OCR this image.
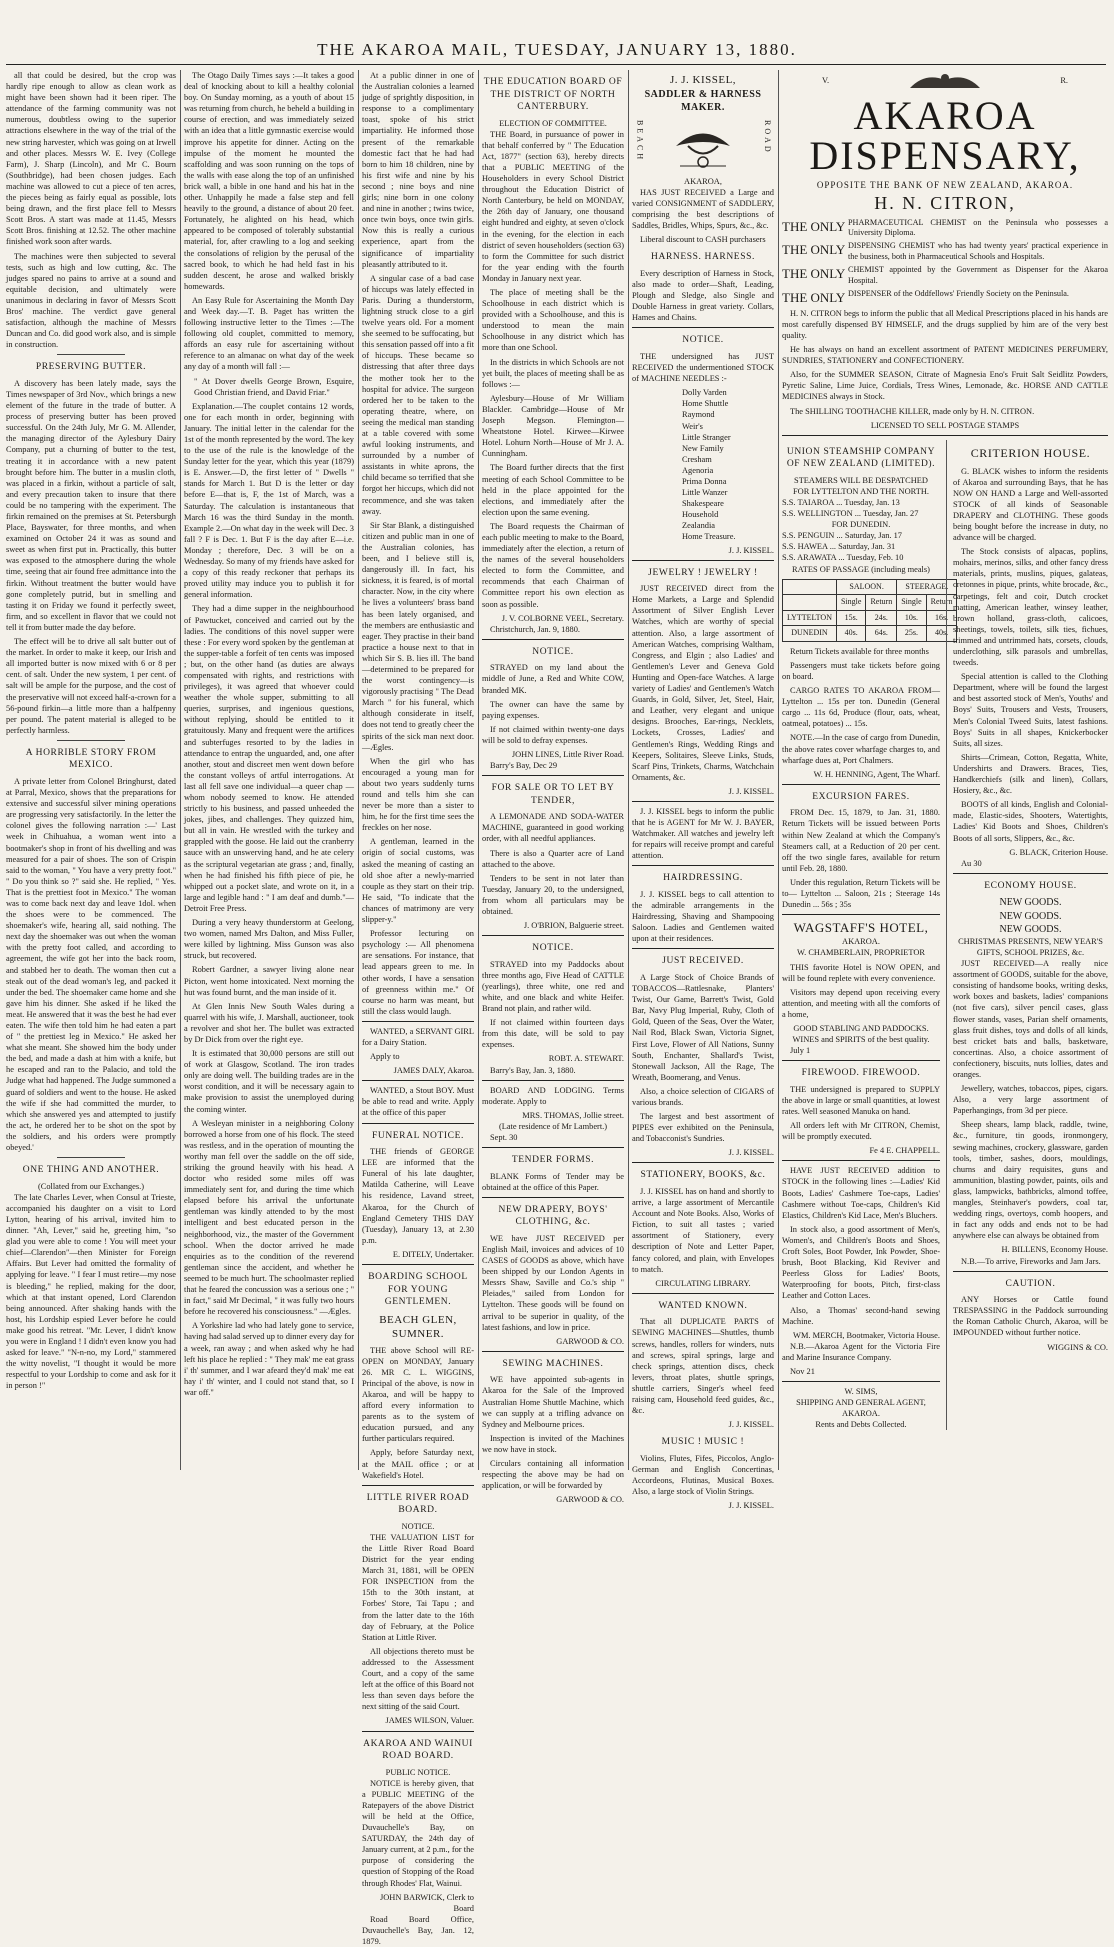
THE AKAROA MAIL, TUESDAY, JANUARY 13, 1880.

all that could be desired, but the crop was hardly ripe enough to allow as clean work as might have been shown had it been riper. The attendance of the farming community was not numerous, doubtless owing to the superior attractions elsewhere in the way of the trial of the new string harvester, which was going on at Irwell and other places. Messrs W. E. Ivey (College Farm), J. Sharp (Lincoln), and Mr C. Bourn (Southbridge), had been chosen judges. Each machine was allowed to cut a piece of ten acres, the pieces being as fairly equal as possible, lots being drawn, and the first place fell to Messrs Scott Bros. A start was made at 11.45, Messrs Scott Bros. finishing at 12.52. The other machine finished work soon after wards.

The machines were then subjected to several tests, such as high and low cutting, &c. The judges spared no pains to arrive at a sound and equitable decision, and ultimately were unanimous in declaring in favor of Messrs Scott Bros' machine. The verdict gave general satisfaction, although the machine of Messrs Duncan and Co. did good work also, and is simple in construction.

PRESERVING BUTTER.

A discovery has been lately made, says the Times newspaper of 3rd Nov., which brings a new element of the future in the trade of butter. A process of preserving butter has been proved successful. On the 24th July, Mr G. M. Allender, the managing director of the Aylesbury Dairy Company, put a churning of butter to the test, treating it in accordance with a new patent brought before him. The butter in a muslin cloth, was placed in a firkin, without a particle of salt, and every precaution taken to insure that there could be no tampering with the experiment. The firkin remained on the premises at St. Petersburgh Place, Bayswater, for three months, and when examined on October 24 it was as sound and sweet as when first put in. Practically, this butter was exposed to the atmosphere during the whole time, seeing that air found free admittance into the firkin. Without treatment the butter would have gone completely putrid, but in smelling and tasting it on Friday we found it perfectly sweet, firm, and so excellent in flavor that we could not tell it from butter made the day before.

The effect will be to drive all salt butter out of the market. In order to make it keep, our Irish and all imported butter is now mixed with 6 or 8 per cent. of salt. Under the new system, 1 per cent. of salt will be ample for the purpose, and the cost of the preservative will not exceed half-a-crown for a 56-pound firkin—a little more than a halfpenny per pound. The patent material is alleged to be perfectly harmless.

A HORRIBLE STORY FROM MEXICO.

A private letter from Colonel Bringhurst, dated at Parral, Mexico, shows that the preparations for extensive and successful silver mining operations are progressing very satisfactorily. In the letter the colonel gives the following narration :—' Last week in Chihuahua, a woman went into a bootmaker's shop in front of his dwelling and was measured for a pair of shoes. The son of Crispin said to the woman, " You have a very pretty foot." " Do you think so ?" said she. He replied, " Yes. That is the prettiest foot in Mexico." The woman was to come back next day and leave 1dol. when the shoes were to be commenced. The shoemaker's wife, hearing all, said nothing. The next day the shoemaker was out when the woman with the pretty foot called, and according to agreement, the wife got her into the back room, and stabbed her to death. The woman then cut a steak out of the dead woman's leg, and packed it under the bed. The shoemaker came home and she gave him his dinner. She asked if he liked the meat. He answered that it was the best he had ever eaten. The wife then told him he had eaten a part of " the prettiest leg in Mexico." He asked her what she meant. She showed him the body under the bed, and made a dash at him with a knife, but he escaped and ran to the Palacio, and told the Judge what had happened. The Judge summoned a guard of soldiers and went to the house. He asked the wife if she had committed the murder, to which she answered yes and attempted to justify the act, he ordered her to be shot on the spot by the soldiers, and his orders were promptly obeyed.'

ONE THING AND ANOTHER.
(Collated from our Exchanges.)

The late Charles Lever, when Consul at Trieste, accompanied his daughter on a visit to Lord Lytton, hearing of his arrival, invited him to dinner. "Ah, Lever," said he, greeting him, "so glad you were able to come ! You will meet your chief—Clarendon"—then Minister for Foreign Affairs. But Lever had omitted the formality of applying for leave. " I fear I must retire—my nose is bleeding," he replied, making for the door, which at that instant opened, Lord Clarendon being announced. After shaking hands with the host, his Lordship espied Lever before he could make good his retreat. "Mr. Lever, I didn't know you were in England ! I didn't even know you had asked for leave." "N-n-no, my Lord," stammered the witty novelist, "I thought it would be more respectful to your Lordship to come and ask for it in person !"

The Otago Daily Times says :—It takes a good deal of knocking about to kill a healthy colonial boy. On Sunday morning, as a youth of about 15 was returning from church, he beheld a building in course of erection, and was immediately seized with an idea that a little gymnastic exercise would improve his appetite for dinner. Acting on the impulse of the moment he mounted the scaffolding and was soon running on the tops of the walls with ease along the top of an unfinished brick wall, a bible in one hand and his hat in the other. Unhappily he made a false step and fell heavily to the ground, a distance of about 20 feet. Fortunately, he alighted on his head, which appeared to be composed of tolerably substantial material, for, after crawling to a log and seeking the consolations of religion by the perusal of the sacred book, to which he had held fast in his sudden descent, he arose and walked briskly homewards.

An Easy Rule for Ascertaining the Month Day and Week day.—T. B. Paget has written the following instructive letter to the Times :—The following old couplet, committed to memory, affords an easy rule for ascertaining without reference to an almanac on what day of the week any day of a month will fall :—

" At Dover dwells George Brown, Esquire, Good Christian friend, and David Friar."

Explanation.—The couplet contains 12 words, one for each month in order, beginning with January. The initial letter in the calendar for the 1st of the month represented by the word. The key to the use of the rule is the knowledge of the Sunday letter for the year, which this year (1879) is E. Answer.—D, the first letter of " Dwells " stands for March 1. But D is the letter or day before E—that is, F, the 1st of March, was a Saturday. The calculation is instantaneous that March 16 was the third Sunday in the month. Example 2.—On what day in the week will Dec. 3 fall ? F is Dec. 1. But F is the day after E—i.e. Monday ; therefore, Dec. 3 will be on a Wednesday. So many of my friends have asked for a copy of this ready reckoner that perhaps its proved utility may induce you to publish it for general information.

They had a dime supper in the neighbourhood of Pawtucket, conceived and carried out by the ladies. The conditions of this novel supper were these : For every word spoken by the gentleman at the supper-table a forfeit of ten cents was imposed ; but, on the other hand (as duties are always compensated with rights, and restrictions with privileges), it was agreed that whoever could weather the whole supper, submitting to all queries, surprises, and ingenious questions, without replying, should be entitled to it gratuitously. Many and frequent were the artifices and subterfuges resorted to by the ladies in attendance to entrap the unguarded, and, one after another, stout and discreet men went down before the constant volleys of artful interrogations. At last all fell save one individual—a queer chap —whom nobody seemed to know. He attended strictly to his business, and passed unheeded the jokes, jibes, and challenges. They quizzed him, but all in vain. He wrestled with the turkey and grappled with the goose. He laid out the cranberry sauce with an unswerving hand, and he ate celery as the scriptural vegetarian ate grass ; and, finally, when he had finished his fifth piece of pie, he whipped out a pocket slate, and wrote on it, in a large and legible hand : " I am deaf and dumb."— Detroit Free Press.

During a very heavy thunderstorm at Geelong, two women, named Mrs Dalton, and Miss Fuller, were killed by lightning. Miss Gunson was also struck, but recovered.

Robert Gardner, a sawyer living alone near Picton, went home intoxicated. Next morning the hut was found burnt, and the man inside of it.

At Glen Innis New South Wales during a quarrel with his wife, J. Marshall, auctioneer, took a revolver and shot her. The bullet was extracted by Dr Dick from over the right eye.

It is estimated that 30,000 persons are still out of work at Glasgow, Scotland. The iron trades only are doing well. The building trades are in the worst condition, and it will be necessary again to make provision to assist the unemployed during the coming winter.

A Wesleyan minister in a neighboring Colony borrowed a horse from one of his flock. The steed was restless, and in the operation of mounting the worthy man fell over the saddle on the off side, striking the ground heavily with his head. A doctor who resided some miles off was immediately sent for, and during the time which elapsed before his arrival the unfortunate gentleman was kindly attended to by the most intelligent and best educated person in the neighborhood, viz., the master of the Government school. When the doctor arrived he made enquiries as to the condition of the reverend gentleman since the accident, and whether he seemed to be much hurt. The schoolmaster replied that he feared the concussion was a serious one ; " in fact," said Mr Decimal, " it was fully two hours before he recovered his consciousness." —Ægles.

A Yorkshire lad who had lately gone to service, having had salad served up to dinner every day for a week, ran away ; and when asked why he had left his place he replied : " They mak' me eat grass i' th' summer, and I war afeard they'd mak' me eat hay i' th' winter, and I could not stand that, so I war off."

At a public dinner in one of the Australian colonies a learned judge of sprightly disposition, in response to a complimentary toast, spoke of his strict impartiality. He informed those present of the remarkable domestic fact that he had had born to him 18 children, nine by his first wife and nine by his second ; nine boys and nine girls; nine born in one colony and nine in another ; twins twice, once twin boys, once twin girls. Now this is really a curious experience, apart from the significance of impartiality pleasantly attributed to it.

A singular case of a bad case of hiccups was lately effected in Paris. During a thunderstorm, lightning struck close to a girl twelve years old. For a moment she seemed to be suffocating, but this sensation passed off into a fit of hiccups. These became so distressing that after three days the mother took her to the hospital for advice. The surgeon ordered her to be taken to the operating theatre, where, on seeing the medical man standing at a table covered with some awful looking instruments, and surrounded by a number of assistants in white aprons, the child became so terrified that she forgot her hiccups, which did not recommence, and she was taken away.

Sir Star Blank, a distinguished citizen and public man in one of the Australian colonies, has been, and I believe still is, dangerously ill. In fact, his sickness, it is feared, is of mortal character. Now, in the city where he lives a volunteers' brass band has been lately organised, and the members are enthusiastic and eager. They practise in their band practice a house next to that in which Sir S. B. lies ill. The band—determined to be prepared for the worst contingency—is vigorously practising " The Dead March " for his funeral, which although considerate in itself, does not tend to greatly cheer the spirits of the sick man next door.—Ægles.

When the girl who has encouraged a young man for about two years suddenly turns round and tells him she can never be more than a sister to him, he for the first time sees the freckles on her nose.

A gentleman, learned in the origin of social customs, was asked the meaning of casting an old shoe after a newly-married couple as they start on their trip. He said, "To indicate that the chances of matrimony are very slipper-y."

Professor lecturing on psychology :— All phenomena are sensations. For instance, that lead appears green to me. In other words, I have a sensation of greenness within me." Of course no harm was meant, but still the class would laugh.

WANTED, a SERVANT GIRL for a Dairy Station.

Apply to

JAMES DALY, Akaroa.

WANTED, a Stout BOY. Must be able to read and write. Apply at the office of this paper

FUNERAL NOTICE.

THE friends of GEORGE LEE are informed that the Funeral of his late daughter, Matilda Catherine, will Leave his residence, Lavand street, Akaroa, for the Church of England Cemetery THIS DAY (Tuesday), January 13, at 2.30 p.m.

E. DITELY, Undertaker.
BOARDING SCHOOL FOR YOUNG GENTLEMEN.
BEACH GLEN, SUMNER.

THE above School will RE-OPEN on MONDAY, January 26. MR C. L. WIGGINS, Principal of the above, is now in Akaroa, and will be happy to afford every information to parents as to the system of education pursued, and any further particulars required.

Apply, before Saturday next, at the MAIL office ; or at Wakefield's Hotel.

LITTLE RIVER ROAD BOARD.
NOTICE.

THE VALUATION LIST for the Little River Road Board District for the year ending March 31, 1881, will be OPEN FOR INSPECTION from the 15th to the 30th instant, at Forbes' Store, Tai Tapu ; and from the latter date to the 16th day of February, at the Police Station at Little River.

All objections thereto must be addressed to the Assessment Court, and a copy of the same left at the office of this Board not less than seven days before the next sitting of the said Court.

JAMES WILSON, Valuer.
AKAROA AND WAINUI ROAD BOARD.
PUBLIC NOTICE.

NOTICE is hereby given, that a PUBLIC MEETING of the Ratepayers of the above District will be held at the Office, Duvauchelle's Bay, on SATURDAY, the 24th day of January current, at 2 p.m., for the purpose of considering the question of Stopping of the Road through Rhodes' Flat, Wainui.

JOHN BARWICK, Clerk to Board

Road Board Office, Duvauchelle's Bay, Jan. 12, 1879.

THE EDUCATION BOARD OF THE DISTRICT OF NORTH CANTERBURY.
ELECTION OF COMMITTEE.

THE Board, in pursuance of power in that behalf conferred by " The Education Act, 1877" (section 63), hereby directs that a PUBLIC MEETING of the Householders in every School District throughout the Education District of North Canterbury, be held on MONDAY, the 26th day of January, one thousand eight hundred and eighty, at seven o'clock in the evening, for the election in each district of seven householders (section 63) to form the Committee for such district for the year ending with the fourth Monday in January next year.

The place of meeting shall be the Schoolhouse in each district which is provided with a Schoolhouse, and this is understood to mean the main Schoolhouse in any district which has more than one School.

In the districts in which Schools are not yet built, the places of meeting shall be as follows :—

Aylesbury—House of Mr William Blackler. Cambridge—House of Mr Joseph Megson. Flemington—Wheatstone Hotel. Kirwee—Kirwee Hotel. Lohurn North—House of Mr J. A. Cunningham.

The Board further directs that the first meeting of each School Committee to be held in the place appointed for the elections, and immediately after the election upon the same evening.

The Board requests the Chairman of each public meeting to make to the Board, immediately after the election, a return of the names of the several householders elected to form the Committee, and recommends that each Chairman of Committee report his own election as soon as possible.

J. V. COLBORNE VEEL, Secretary.

Christchurch, Jan. 9, 1880.

NOTICE.

STRAYED on my land about the middle of June, a Red and White COW, branded MK.

The owner can have the same by paying expenses.

If not claimed within twenty-one days will be sold to defray expenses.

JOHN LINES, Little River Road.

Barry's Bay, Dec 29

FOR SALE OR TO LET BY TENDER,

A LEMONADE AND SODA-WATER MACHINE, guaranteed in good working order, with all needful appliances.

There is also a Quarter acre of Land attached to the above.

Tenders to be sent in not later than Tuesday, January 20, to the undersigned, from whom all particulars may be obtained.

J. O'BRION, Balguerie street.
NOTICE.

STRAYED into my Paddocks about three months ago, Five Head of CATTLE (yearlings), three white, one red and white, and one black and white Heifer. Brand not plain, and rather wild.

If not claimed within fourteen days from this date, will be sold to pay expenses.

ROBT. A. STEWART.

Barry's Bay, Jan. 3, 1880.

BOARD AND LODGING. Terms moderate. Apply to

MRS. THOMAS, Jollie street.
(Late residence of Mr Lambert.)

Sept. 30

TENDER FORMS.

BLANK Forms of Tender may be obtained at the office of this Paper.

NEW DRAPERY, BOYS' CLOTHING, &c.

WE have JUST RECEIVED per English Mail, invoices and advices of 10 CASES of GOODS as above, which have been shipped by our London Agents in Messrs Shaw, Saville and Co.'s ship " Pleiades," sailed from London for Lyttelton. These goods will be found on arrival to be superior in quality, of the latest fashions, and low in price.

GARWOOD & CO.
SEWING MACHINES.

WE have appointed sub-agents in Akaroa for the Sale of the Improved Australian Home Shuttle Machine, which we can supply at a trifling advance on Sydney and Melbourne prices.

Inspection is invited of the Machines we now have in stock.

Circulars containing all information respecting the above may be had on application, or will be forwarded by

GARWOOD & CO.
J. J. KISSEL,
SADDLER & HARNESS MAKER.
BEACH	ROAD
AKAROA,

HAS JUST RECEIVED a Large and varied CONSIGNMENT of SADDLERY, comprising the best descriptions of Saddles, Bridles, Whips, Spurs, &c., &c.

Liberal discount to CASH purchasers

HARNESS. HARNESS.

Every description of Harness in Stock, also made to order—Shaft, Leading, Plough and Sledge, also Single and Double Harness in great variety. Collars, Hames and Chains.

NOTICE.

THE undersigned has JUST RECEIVED the undermentioned STOCK of MACHINE NEEDLES :-

Dolly Varden
Home Shuttle
Raymond
Weir's
Little Stranger
New Family
Cresham
Agenoria
Prima Donna
Little Wanzer
Shakespeare
Household
Zealandia
Home Treasure.
J. J. KISSEL.
JEWELRY ! JEWELRY !

JUST RECEIVED direct from the Home Markets, a Large and Splendid Assortment of Silver English Lever Watches, which are worthy of special attention. Also, a large assortment of American Watches, comprising Waltham, Congress, and Elgin ; also Ladies' and Gentlemen's Lever and Geneva Gold Hunting and Open-face Watches. A large variety of Ladies' and Gentlemen's Watch Guards, in Gold, Silver, Jet, Steel, Hair, and Leather, very elegant and unique designs. Brooches, Ear-rings, Necklets, Lockets, Crosses, Ladies' and Gentlemen's Rings, Wedding Rings and Keepers, Solitaires, Sleeve Links, Studs, Scarf Pins, Trinkets, Charms, Watchchain Ornaments, &c.

J. J. KISSEL.

J. J. KISSEL begs to inform the public that he is AGENT for Mr W. J. BAYER, Watchmaker. All watches and jewelry left for repairs will receive prompt and careful attention.

HAIRDRESSING.

J. J. KISSEL begs to call attention to the admirable arrangements in the Hairdressing, Shaving and Shampooing Saloon. Ladies and Gentlemen waited upon at their residences.

JUST RECEIVED.

A Large Stock of Choice Brands of TOBACCOS—Rattlesnake, Planters' Twist, Our Game, Barrett's Twist, Gold Bar, Navy Plug Imperial, Ruby, Cloth of Gold, Queen of the Seas, Over the Water, Nail Rod, Black Swan, Victoria Signet, First Love, Flower of All Nations, Sunny South, Enchanter, Shallard's Twist, Stonewall Jackson, All the Rage, The Wreath, Boomerang, and Venus.

Also, a choice selection of CIGARS of various brands.

The largest and best assortment of PIPES ever exhibited on the Peninsula, and Tobacconist's Sundries.

J. J. KISSEL.
STATIONERY, BOOKS, &c.

J. J. KISSEL has on hand and shortly to arrive, a large assortment of Mercantile Account and Note Books. Also, Works of Fiction, to suit all tastes ; varied assortment of Stationery, every description of Note and Letter Paper, fancy colored, and plain, with Envelopes to match.

CIRCULATING LIBRARY.
WANTED KNOWN.

That all DUPLICATE PARTS of SEWING MACHINES—Shuttles, thumb screws, handles, rollers for winders, nuts and screws, spiral springs, large and check springs, attention discs, check levers, throat plates, shuttle springs, shuttle carriers, Singer's wheel feed raising cam, Household feed guides, &c., &c.

J. J. KISSEL.
MUSIC ! MUSIC !

Violins, Flutes, Fifes, Piccolos, Anglo-German and English Concertinas, Accordeons, Flutinas, Musical Boxes. Also, a large stock of Violin Strings.

J. J. KISSEL.
V.	R.
AKAROA DISPENSARY,
OPPOSITE THE BANK OF NEW ZEALAND, AKAROA.
H. N. CITRON,
THE ONLY PHARMACEUTICAL CHEMIST on the Peninsula who possesses a University Diploma.
THE ONLY DISPENSING CHEMIST who has had twenty years' practical experience in the business, both in Pharmaceutical Schools and Hospitals.
THE ONLY CHEMIST appointed by the Government as Dispenser for the Akaroa Hospital.
THE ONLY DISPENSER of the Oddfellows' Friendly Society on the Peninsula.

H. N. CITRON begs to inform the public that all Medical Prescriptions placed in his hands are most carefully dispensed BY HIMSELF, and the drugs supplied by him are of the very best quality.

He has always on hand an excellent assortment of PATENT MEDICINES PERFUMERY, SUNDRIES, STATIONERY and CONFECTIONERY.

Also, for the SUMMER SEASON, Citrate of Magnesia Eno's Fruit Salt Seidlitz Powders, Pyretic Saline, Lime Juice, Cordials, Tress Wines, Lemonade, &c. HORSE AND CATTLE MEDICINES always in Stock.

The SHILLING TOOTHACHE KILLER, made only by H. N. CITRON.

LICENSED TO SELL POSTAGE STAMPS
UNION STEAMSHIP COMPANY OF NEW ZEALAND (LIMITED).
STEAMERS WILL BE DESPATCHED
FOR LYTTELTON AND THE NORTH.
S.S. TAIAROA ... Tuesday, Jan. 13
S.S. WELLINGTON ... Tuesday, Jan. 27
FOR DUNEDIN.
S.S. PENGUIN ... Saturday, Jan. 17
S.S. HAWEA ... Saturday, Jan. 31
S.S. ARAWATA ... Tuesday, Feb. 10
RATES OF PASSAGE (including meals)
	SALOON.		STEERAGE.	
	Single	Return	Single	Return
LYTTELTON	15s.	24s.	10s.	16s.
DUNEDIN	40s.	64s.	25s.	40s.

Return Tickets available for three months

Passengers must take tickets before going on board.

CARGO RATES TO AKAROA FROM— Lyttelton ... 15s per ton. Dunedin (General cargo ... 11s 6d, Produce (flour, oats, wheat, oatmeal, potatoes) ... 15s.

NOTE.—In the case of cargo from Dunedin, the above rates cover wharfage charges to, and wharfage dues at, Port Chalmers.

W. H. HENNING, Agent, The Wharf.
EXCURSION FARES.

FROM Dec. 15, 1879, to Jan. 31, 1880. Return Tickets will be issued between Ports within New Zealand at which the Company's Steamers call, at a Reduction of 20 per cent. off the two single fares, available for return until Feb. 28, 1880.

Under this regulation, Return Tickets will be to— Lyttelton ... Saloon, 21s ; Steerage 14s Dunedin ... 56s ; 35s

WAGSTAFF'S HOTEL,
AKAROA.
W. CHAMBERLAIN, PROPRIETOR

THIS favorite Hotel is NOW OPEN, and will be found replete with every convenience.

Visitors may depend upon receiving every attention, and meeting with all the comforts of a home,

GOOD STABLING AND PADDOCKS.
WINES and SPIRITS of the best quality.

July 1

FIREWOOD. FIREWOOD.

THE undersigned is prepared to SUPPLY the above in large or small quantities, at lowest rates. Well seasoned Manuka on hand.

All orders left with Mr CITRON, Chemist, will be promptly executed.

Fe 4 E. CHAPPELL.

HAVE JUST RECEIVED addition to STOCK in the following lines :—Ladies' Kid Boots, Ladies' Cashmere Toe-caps, Ladies' Cashmere without Toe-caps, Children's Kid Elastics, Children's Kid Lace, Men's Bluchers.

In stock also, a good assortment of Men's, Women's, and Children's Boots and Shoes, Croft Soles, Boot Powder, Ink Powder, Shoe-brush, Boot Blacking, Kid Reviver and Peerless Gloss for Ladies' Boots, Waterproofing for boots, Pitch, first-class Leather and Cotton Laces.

Also, a Thomas' second-hand sewing Machine.

WM. MERCH, Bootmaker, Victoria House.

N.B.—Akaroa Agent for the Victoria Fire and Marine Insurance Company.

Nov 21

W. SIMS,
SHIPPING AND GENERAL AGENT, AKAROA.
Rents and Debts Collected.
CRITERION HOUSE.

G. BLACK wishes to inform the residents of Akaroa and surrounding Bays, that he has NOW ON HAND a Large and Well-assorted STOCK of all kinds of Seasonable DRAPERY and CLOTHING. These goods being bought before the increase in duty, no advance will be charged.

The Stock consists of alpacas, poplins, mohairs, merinos, silks, and other fancy dress materials, prints, muslins, piques, galateas, cretonnes in pique, prints, white brocade, &c., carpetings, felt and coir, Dutch crocket matting, American leather, winsey leather, brown holland, grass-cloth, calicoes, sheetings, towels, toilets, silk ties, fichues, trimmed and untrimmed hats, corsets, clouds, underclothing, silk parasols and umbrellas, tweeds.

Special attention is called to the Clothing Department, where will be found the largest and best assorted stock of Men's, Youths' and Boys' Suits, Trousers and Vests, Trousers, Men's Colonial Tweed Suits, latest fashions. Boys' Suits in all shapes, Knickerbocker Suits, all sizes.

Shirts—Crimean, Cotton, Regatta, White, Undershirts and Drawers. Braces, Ties, Handkerchiefs (silk and linen), Collars, Hosiery, &c., &c.

BOOTS of all kinds, English and Colonial-made, Elastic-sides, Shooters, Watertights, Ladies' Kid Boots and Shoes, Children's Boots of all sorts, Slippers, &c., &c.

G. BLACK, Criterion House.

Au 30

ECONOMY HOUSE.
NEW GOODS.
NEW GOODS.
NEW GOODS.
CHRISTMAS PRESENTS, NEW YEAR'S GIFTS, SCHOOL PRIZES, &c.

JUST RECEIVED—A really nice assortment of GOODS, suitable for the above, consisting of handsome books, writing desks, work boxes and baskets, ladies' companions (not five cars), silver pencil cases, glass flower stands, vases, Parian shelf ornaments, glass fruit dishes, toys and dolls of all kinds, best cricket bats and balls, basketware, concertinas. Also, a choice assortment of confectionery, biscuits, nuts lollies, dates and oranges.

Jewellery, watches, tobaccos, pipes, cigars. Also, a very large assortment of Paperhangings, from 3d per piece.

Sheep shears, lamp black, raddle, twine, &c., furniture, tin goods, ironmongery, sewing machines, crockery, glassware, garden tools, timber, sashes, doors, mouldings, churns and dairy requisites, guns and ammunition, blasting powder, paints, oils and glass, lampwicks, bathbricks, almond toffee, mangles, Steinhaver's powders, coal tar, wedding rings, overtoys, comb hoopers, and in fact any odds and ends not to be had anywhere else can always be obtained from

H. BILLENS, Economy House.

N.B.—To arrive, Fireworks and Jam Jars.

CAUTION.

ANY Horses or Cattle found TRESPASSING in the Paddock surrounding the Roman Catholic Church, Akaroa, will be IMPOUNDED without further notice.

WIGGINS & CO.
